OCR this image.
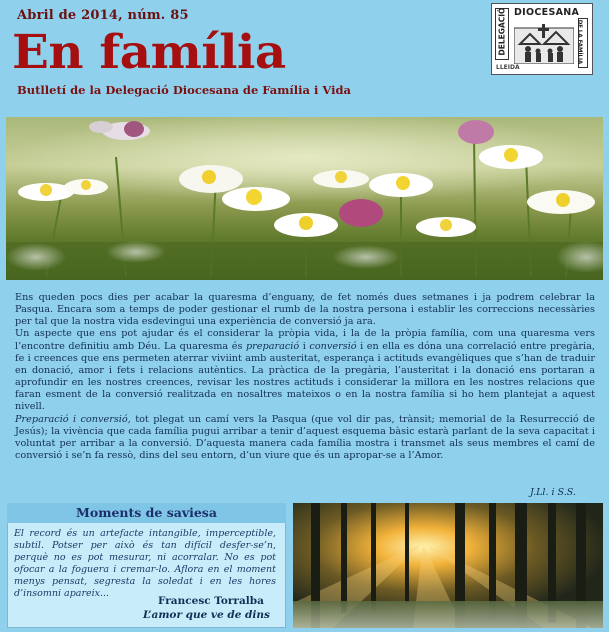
Abril de 2014, núm. 85
En família
Butlletí de la Delegació Diocesana de Família i Vida
DIOCESANA
DELEGACIÓ	DE LA FAMÍLIA
LLEIDA

Ens queden pocs dies per acabar la quaresma d’enguany, de fet només dues setmanes i ja podrem celebrar la Pasqua. Encara som a temps de poder gestionar el rumb de la nostra persona i establir les correccions necessàries per tal que la nostra vida esdevingui una experiència de conversió ja ara.

Un aspecte que ens pot ajudar és el considerar la pròpia vida, i la de la pròpia família, com una quaresma vers l’encontre definitiu amb Déu. La quaresma és preparació i conversió i en ella es dóna una correlació entre pregària, fe i creences que ens permeten aterrar viviint amb austeritat, esperança i actituds evangèliques que s’han de traduir en donació, amor i fets i relacions autèntics. La pràctica de la pregària, l’austeritat i la donació ens portaran a aprofundir en les nostres creences, revisar les nostres actituds i considerar la millora en les nostres relacions que faran esment de la conversió realitzada en nosaltres mateixos o en la nostra família si ho hem plantejat a aquest nivell.

Preparació i conversió, tot plegat un camí vers la Pasqua (que vol dir pas, trànsit; memorial de la Resurrecció de Jesús); la vivència que cada família pugui arribar a tenir d’aquest esquema bàsic estarà parlant de la seva capacitat i voluntat per arribar a la conversió. D’aquesta manera cada família mostra i transmet als seus membres el camí de conversió i se’n fa ressò, dins del seu entorn, d’un viure que és un apropar-se a l’Amor.

J.Ll. i S.S.
Moments de saviesa
El record és un artefacte intangible, imperceptible, subtil. Potser per això és tan difícil desfer-se’n, perquè no es pot mesurar, ni acorralar. No es pot ofocar a la foguera i cremar-lo. Aflora en el moment menys pensat, segresta la soledat i en les hores d’insomni apareix...
Francesc Torralba
L’amor que ve de dins
